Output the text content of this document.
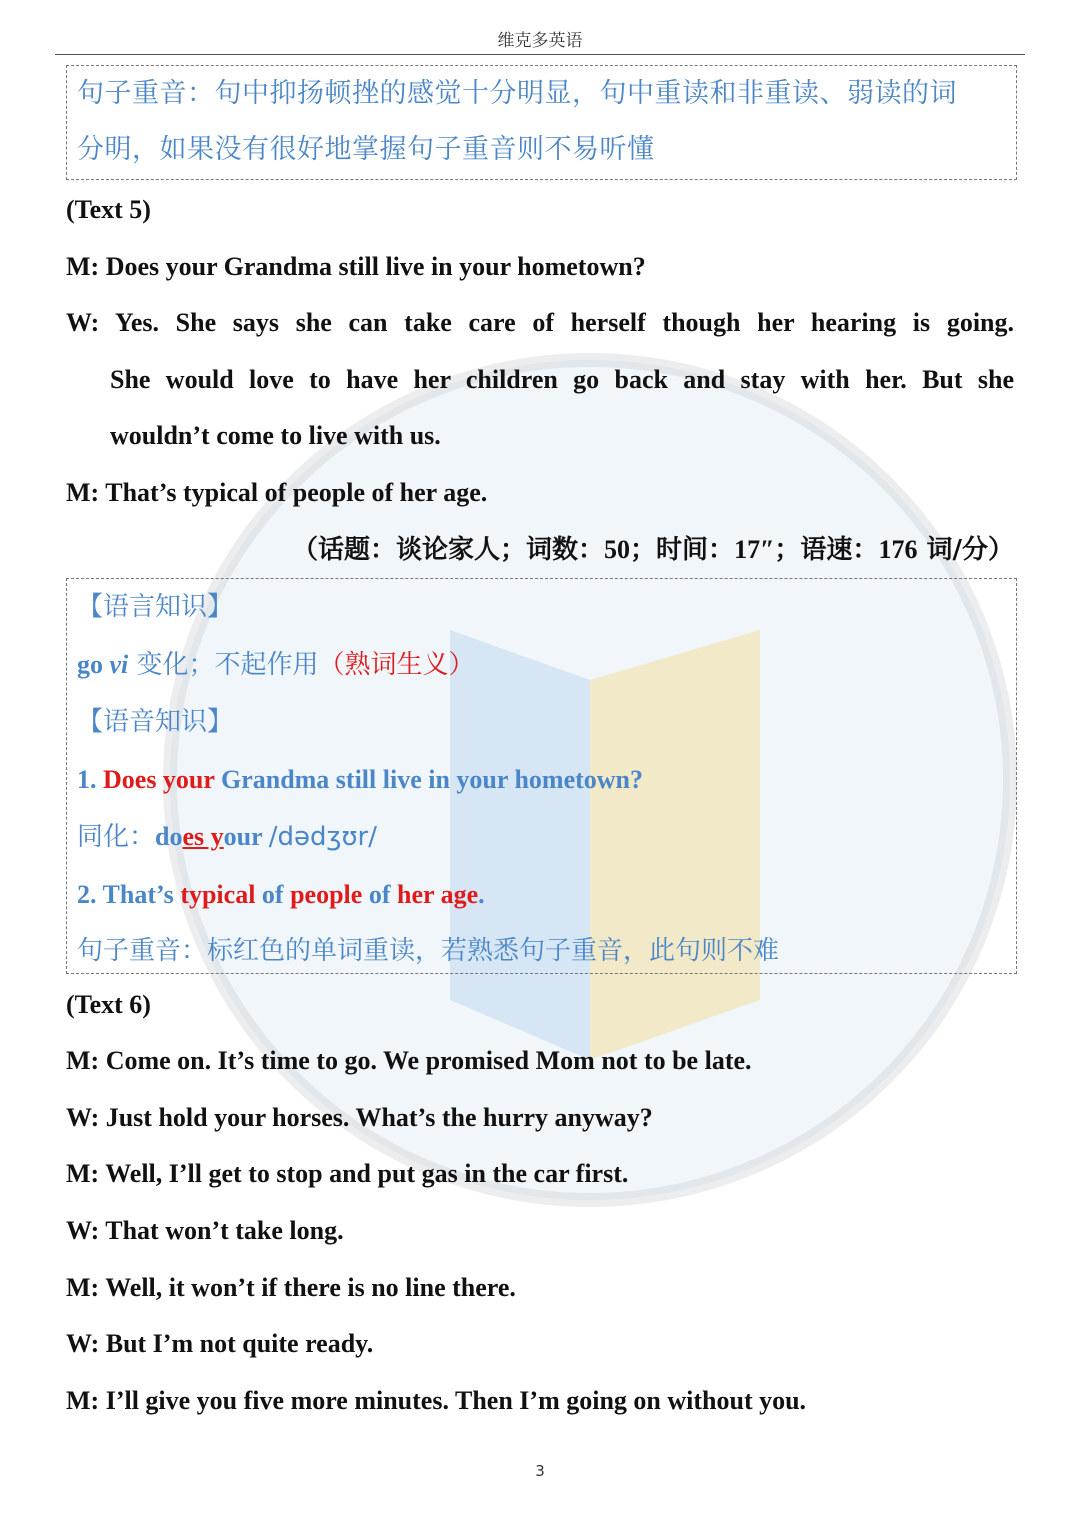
维克多英语

句子重音：句中抑扬顿挫的感觉十分明显，句中重读和非重读、弱读的词

分明，如果没有很好地掌握句子重音则不易听懂

(Text 5)

M: Does your Grandma still live in your hometown?

W: Yes. She says she can take care of herself though her hearing is going.

She would love to have her children go back and stay with her. But she

wouldn’t come to live with us.

M: That’s typical of people of her age.

（话题：谈论家人；词数：50；时间：17″；语速：176 词/分）

【语言知识】

go vi 变化；不起作用（熟词生义）

【语音知识】

1. Does your Grandma still live in your hometown?

同化：does your /dədʒʊr/

2. That’s typical of people of her age.

句子重音：标红色的单词重读，若熟悉句子重音，此句则不难

(Text 6)

M: Come on. It’s time to go. We promised Mom not to be late.

W: Just hold your horses. What’s the hurry anyway?

M: Well, I’ll get to stop and put gas in the car first.

W: That won’t take long.

M: Well, it won’t if there is no line there.

W: But I’m not quite ready.

M: I’ll give you five more minutes. Then I’m going on without you.

3
